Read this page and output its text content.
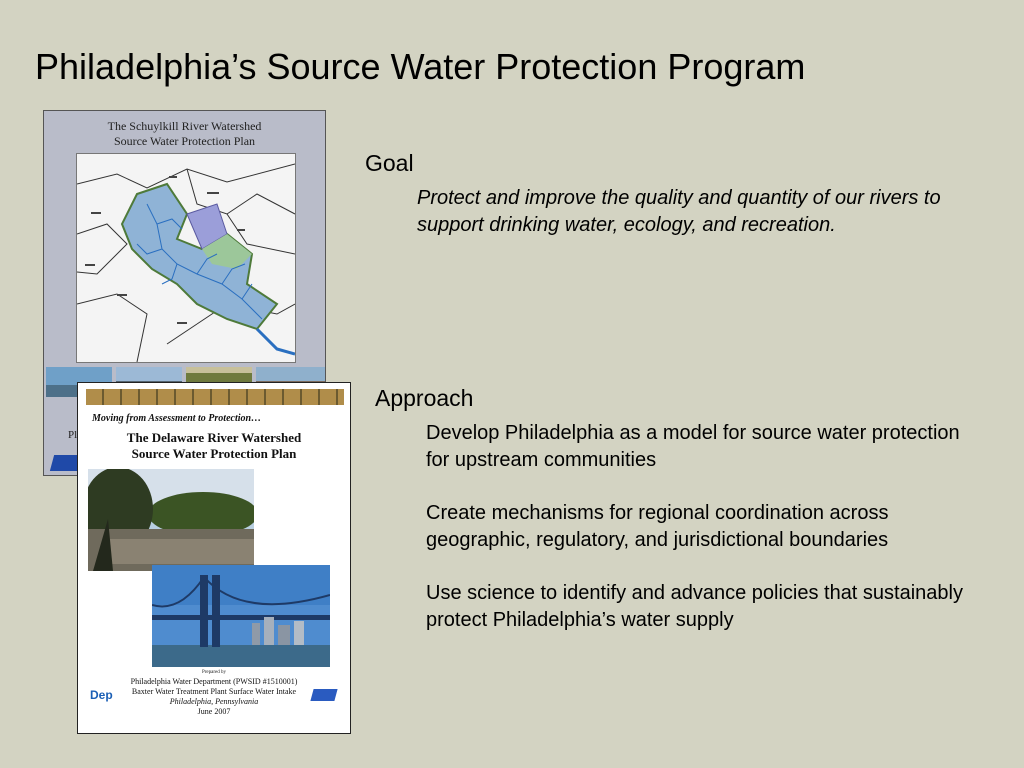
Philadelphia’s Source Water Protection Program
The Schuylkill River Watershed
Source Water Protection Plan
Pl
Moving from Assessment to Protection…
The Delaware River Watershed
Source Water Protection Plan
Prepared by
Philadelphia Water Department (PWSID #1510001)
Baxter Water Treatment Plant Surface Water Intake
Philadelphia, Pennsylvania
June 2007
Dep
Goal
Protect and improve the quality and quantity of our rivers to support drinking water, ecology, and recreation.
Approach
Develop Philadelphia as a model for source water protection for upstream communities
Create mechanisms for regional coordination across geographic, regulatory, and jurisdictional boundaries
Use science to identify and advance policies that sustainably protect Philadelphia’s water supply
